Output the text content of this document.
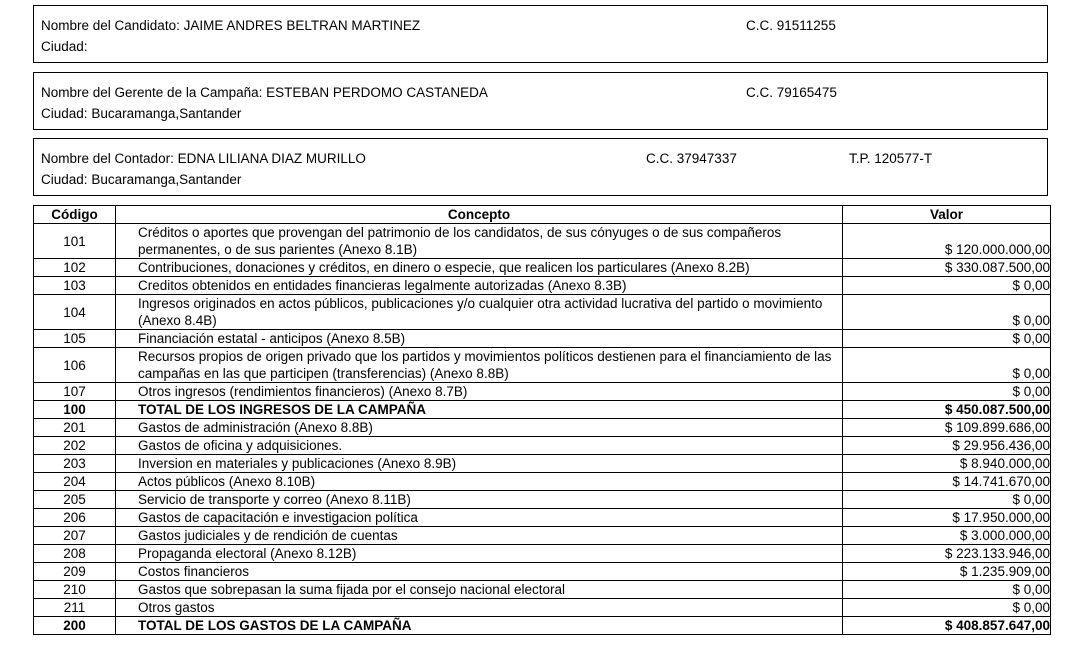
Nombre del Candidato: JAIME ANDRES BELTRAN MARTINEZ	C.C. 91511255
Ciudad:
Nombre del Gerente de la Campaña: ESTEBAN PERDOMO CASTANEDA	C.C. 79165475
Ciudad: Bucaramanga,Santander
Nombre del Contador: EDNA LILIANA DIAZ MURILLO	C.C. 37947337	T.P. 120577-T
Ciudad: Bucaramanga,Santander
Código	Concepto	Valor
101	Créditos o aportes que provengan del patrimonio de los candidatos, de sus cónyuges o de sus compañeros permanentes, o de sus parientes (Anexo 8.1B)	$ 120.000.000,00
102	Contribuciones, donaciones y créditos, en dinero o especie, que realicen los particulares (Anexo 8.2B)	$ 330.087.500,00
103	Creditos obtenidos en entidades financieras legalmente autorizadas (Anexo 8.3B)	$ 0,00
104	Ingresos originados en actos públicos, publicaciones y/o cualquier otra actividad lucrativa del partido o movimiento (Anexo 8.4B)	$ 0,00
105	Financiación estatal - anticipos (Anexo 8.5B)	$ 0,00
106	Recursos propios de origen privado que los partidos y movimientos políticos destienen para el financiamiento de las campañas en las que participen (transferencias) (Anexo 8.8B)	$ 0,00
107	Otros ingresos (rendimientos financieros) (Anexo 8.7B)	$ 0,00
100	TOTAL DE LOS INGRESOS DE LA CAMPAÑA	$ 450.087.500,00
201	Gastos de administración (Anexo 8.8B)	$ 109.899.686,00
202	Gastos de oficina y adquisiciones.	$ 29.956.436,00
203	Inversion en materiales y publicaciones (Anexo 8.9B)	$ 8.940.000,00
204	Actos públicos (Anexo 8.10B)	$ 14.741.670,00
205	Servicio de transporte y correo (Anexo 8.11B)	$ 0,00
206	Gastos de capacitación e investigacion política	$ 17.950.000,00
207	Gastos judiciales y de rendición de cuentas	$ 3.000.000,00
208	Propaganda electoral (Anexo 8.12B)	$ 223.133.946,00
209	Costos financieros	$ 1.235.909,00
210	Gastos que sobrepasan la suma fijada por el consejo nacional electoral	$ 0,00
211	Otros gastos	$ 0,00
200	TOTAL DE LOS GASTOS DE LA CAMPAÑA	$ 408.857.647,00
